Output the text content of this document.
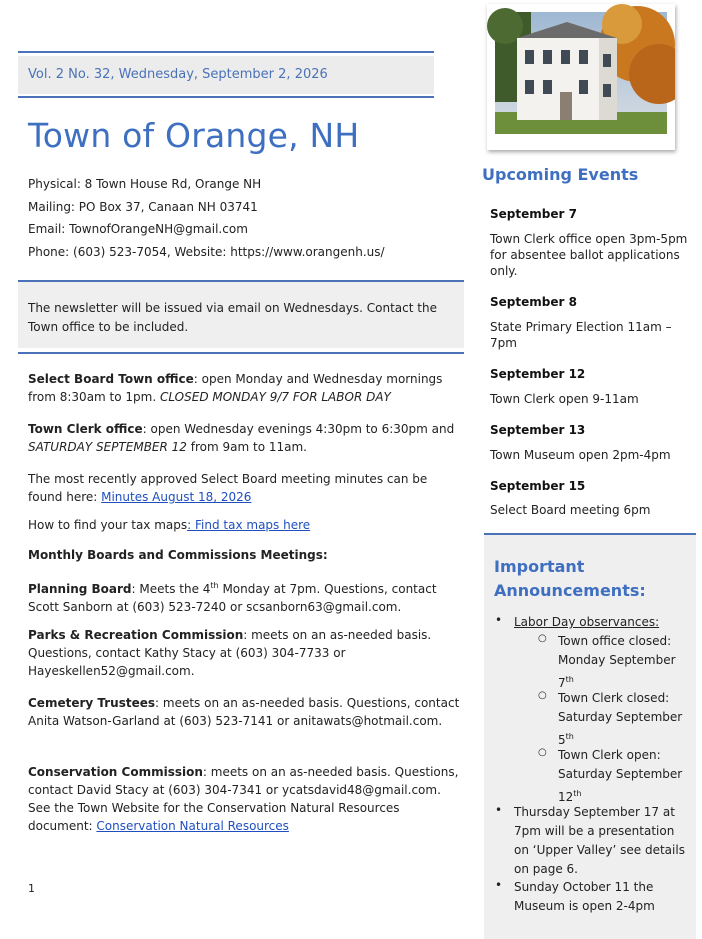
Vol. 2 No. 32, Wednesday, September 2, 2026
Town of Orange, NH
Physical: 8 Town House Rd, Orange NH
Mailing: PO Box 37, Canaan NH 03741
Email: TownofOrangeNH@gmail.com
Phone: (603) 523-7054, Website: https://www.orangenh.us/
The newsletter will be issued via email on Wednesdays. Contact the Town office to be included.
Select Board Town office: open Monday and Wednesday mornings from 8:30am to 1pm. CLOSED MONDAY 9/7 FOR LABOR DAY
Town Clerk office: open Wednesday evenings 4:30pm to 6:30pm and SATURDAY SEPTEMBER 12 from 9am to 11am.
The most recently approved Select Board meeting minutes can be found here: Minutes August 18, 2026
How to find your tax maps: Find tax maps here
Monthly Boards and Commissions Meetings:
Planning Board: Meets the 4th Monday at 7pm. Questions, contact Scott Sanborn at (603) 523-7240 or scsanborn63@gmail.com.
Parks & Recreation Commission: meets on an as-needed basis. Questions, contact Kathy Stacy at (603) 304-7733 or Hayeskellen52@gmail.com.
Cemetery Trustees: meets on an as-needed basis. Questions, contact Anita Watson-Garland at (603) 523-7141 or anitawats@hotmail.com.
Conservation Commission: meets on an as-needed basis. Questions, contact David Stacy at (603) 304-7341 or ycatsdavid48@gmail.com. See the Town Website for the Conservation Natural Resources document: Conservation Natural Resources
1
Upcoming Events
September 7
Town Clerk office open 3pm-5pm for absentee ballot applications only.
September 8
State Primary Election 11am – 7pm
September 12
Town Clerk open 9-11am
September 13
Town Museum open 2pm-4pm
September 15
Select Board meeting 6pm
Important Announcements:
• Labor Day observances:
○ Town office closed: Monday September 7th
○ Town Clerk closed: Saturday September 5th
○ Town Clerk open: Saturday September 12th
• Thursday September 17 at 7pm will be a presentation on ‘Upper Valley’ see details on page 6.
• Sunday October 11 the Museum is open 2-4pm
